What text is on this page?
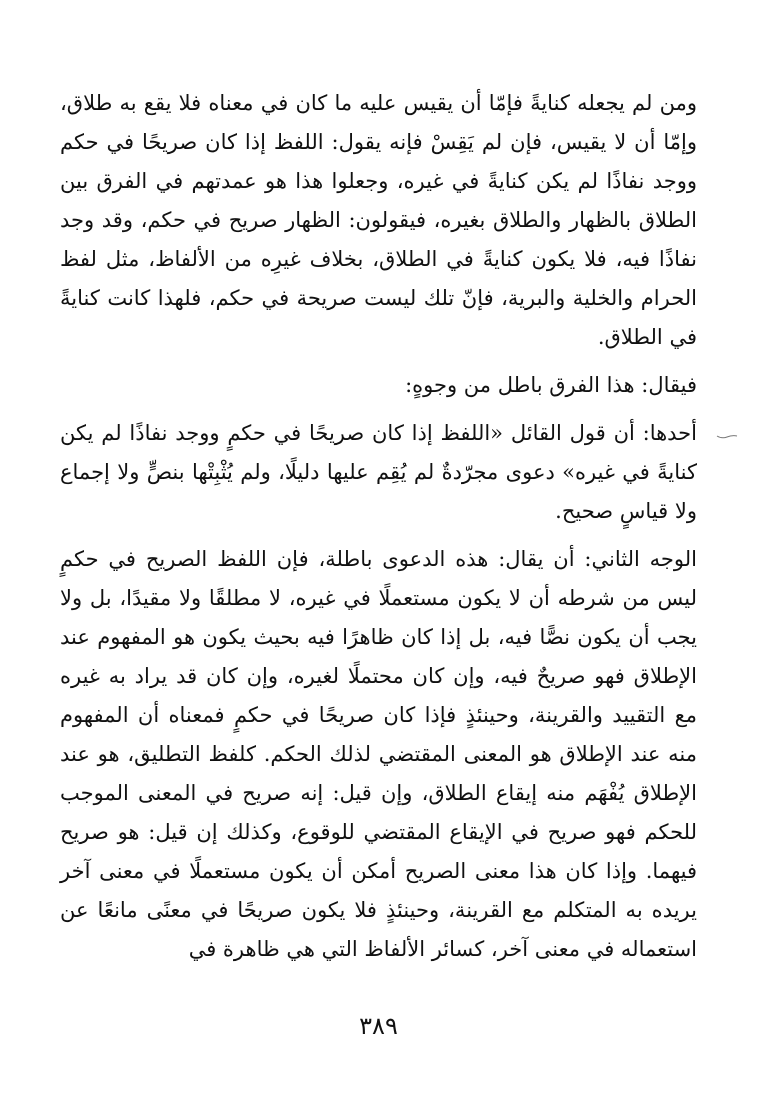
ومن لم يجعله كنايةً فإمّا أن يقيس عليه ما كان في معناه فلا يقع به طلاق، وإمّا أن لا يقيس، فإن لم يَقِسْ فإنه يقول: اللفظ إذا كان صريحًا في حكم ووجد نفاذًا لم يكن كنايةً في غيره، وجعلوا هذا هو عمدتهم في الفرق بين الطلاق بالظهار والطلاق بغيره، فيقولون: الظهار صريح في حكم، وقد وجد نفاذًا فيه، فلا يكون كنايةً في الطلاق، بخلاف غيرِه من الألفاظ، مثل لفظ الحرام والخلية والبرية، فإنّ تلك ليست صريحة في حكم، فلهذا كانت كنايةً في الطلاق.

فيقال: هذا الفرق باطل من وجوهٍ:

أحدها: أن قول القائل «اللفظ إذا كان صريحًا في حكمٍ ووجد نفاذًا لم يكن كنايةً في غيره» دعوى مجرّدةٌ لم يُقِم عليها دليلًا، ولم يُثْبِتْها بنصٍّ ولا إجماع ولا قياسٍ صحيح.

الوجه الثاني: أن يقال: هذه الدعوى باطلة، فإن اللفظ الصريح في حكمٍ ليس من شرطه أن لا يكون مستعملًا في غيره، لا مطلقًا ولا مقيدًا، بل ولا يجب أن يكون نصًّا فيه، بل إذا كان ظاهرًا فيه بحيث يكون هو المفهوم عند الإطلاق فهو صريحٌ فيه، وإن كان محتملًا لغيره، وإن كان قد يراد به غيره مع التقييد والقرينة، وحينئذٍ فإذا كان صريحًا في حكمٍ فمعناه أن المفهوم منه عند الإطلاق هو المعنى المقتضي لذلك الحكم. كلفظ التطليق، هو عند الإطلاق يُفْهَم منه إيقاع الطلاق، وإن قيل: إنه صريح في المعنى الموجب للحكم فهو صريح في الإيقاع المقتضي للوقوع، وكذلك إن قيل: هو صريح فيهما. وإذا كان هذا معنى الصريح أمكن أن يكون مستعملًا في معنى آخر يريده به المتكلم مع القرينة، وحينئذٍ فلا يكون صريحًا في معنًى مانعًا عن استعماله في معنى آخر، كسائر الألفاظ التي هي ظاهرة في

٣٨٩
